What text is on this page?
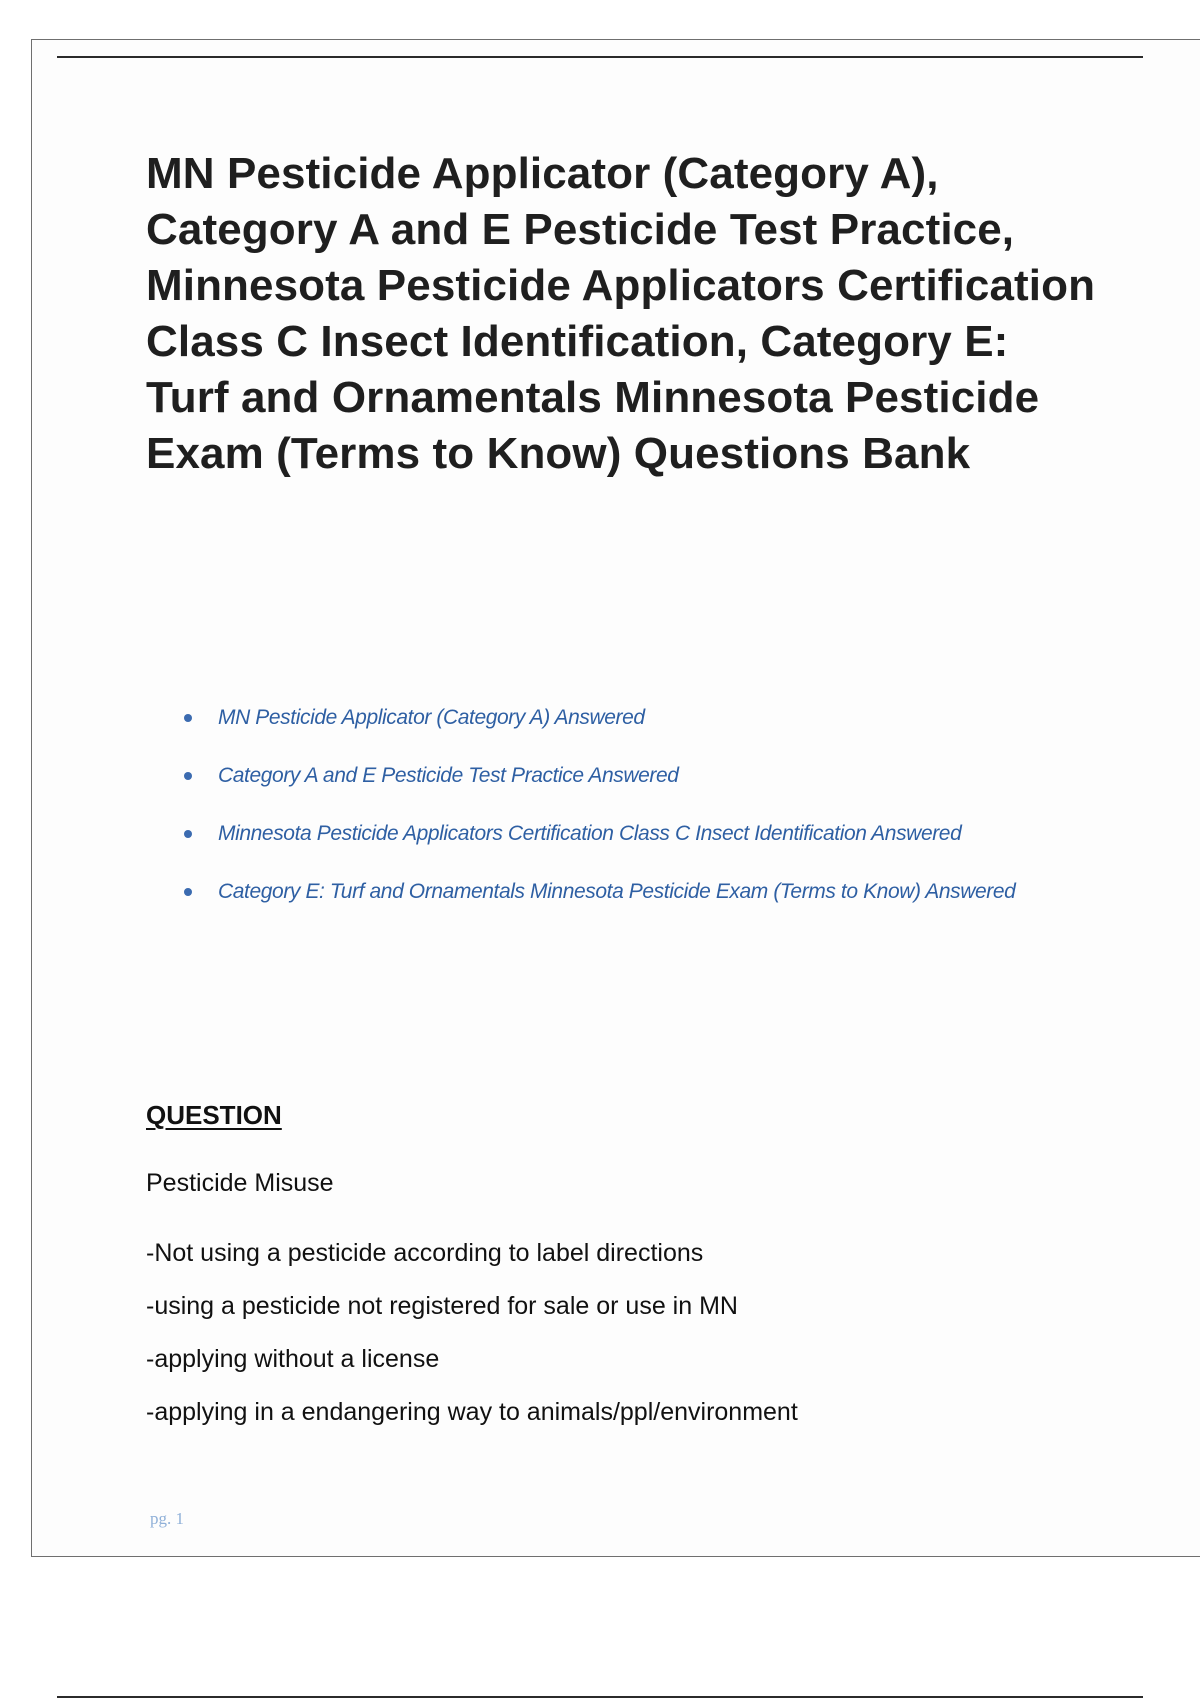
MN Pesticide Applicator (Category A), Category A and E Pesticide Test Practice, Minnesota Pesticide Applicators Certification Class C Insect Identification, Category E: Turf and Ornamentals Minnesota Pesticide Exam (Terms to Know) Questions Bank
MN Pesticide Applicator (Category A) Answered
Category A and E Pesticide Test Practice Answered
Minnesota Pesticide Applicators Certification Class C Insect Identification Answered
Category E: Turf and Ornamentals Minnesota Pesticide Exam (Terms to Know) Answered
QUESTION

Pesticide Misuse

-Not using a pesticide according to label directions
-using a pesticide not registered for sale or use in MN
-applying without a license
-applying in a endangering way to animals/ppl/environment
pg. 1
